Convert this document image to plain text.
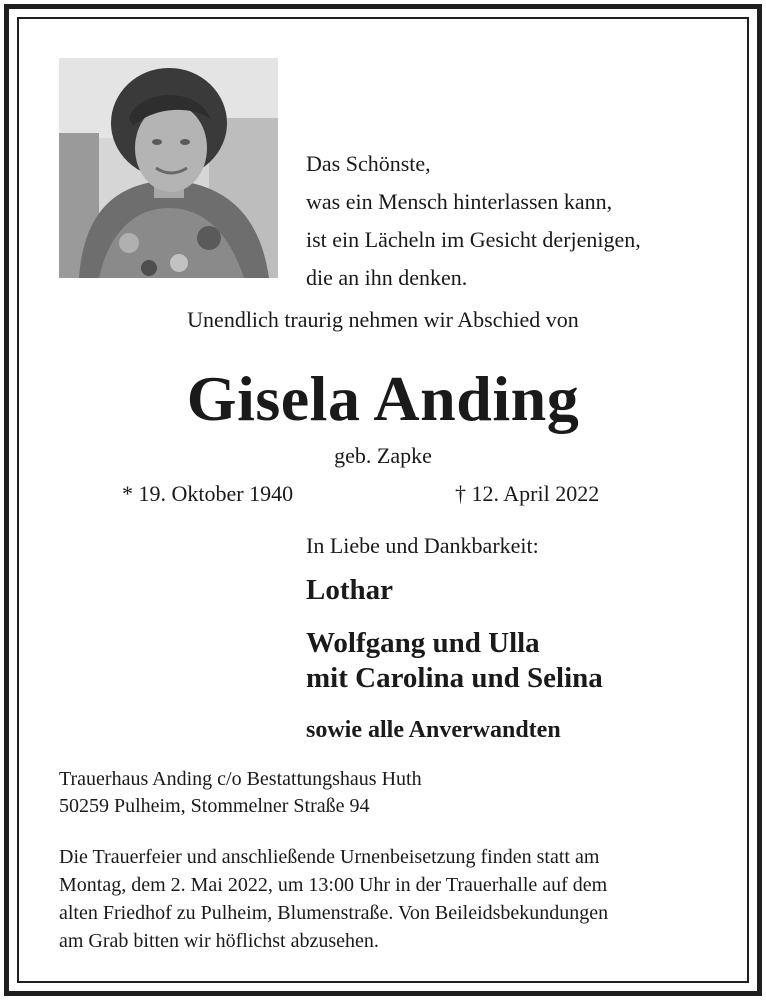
Das Schönste,
was ein Mensch hinterlassen kann,
ist ein Lächeln im Gesicht derjenigen,
die an ihn denken.
Unendlich traurig nehmen wir Abschied von
Gisela Anding
geb. Zapke
* 19. Oktober 1940	† 12. April 2022
In Liebe und Dankbarkeit:
Lothar
Wolfgang und Ulla
mit Carolina und Selina
sowie alle Anverwandten
Trauerhaus Anding c/o Bestattungshaus Huth
50259 Pulheim, Stommelner Straße 94
Die Trauerfeier und anschließende Urnenbeisetzung finden statt am
Montag, dem 2. Mai 2022, um 13:00 Uhr in der Trauerhalle auf dem
alten Friedhof zu Pulheim, Blumenstraße. Von Beileidsbekundungen
am Grab bitten wir höflichst abzusehen.
